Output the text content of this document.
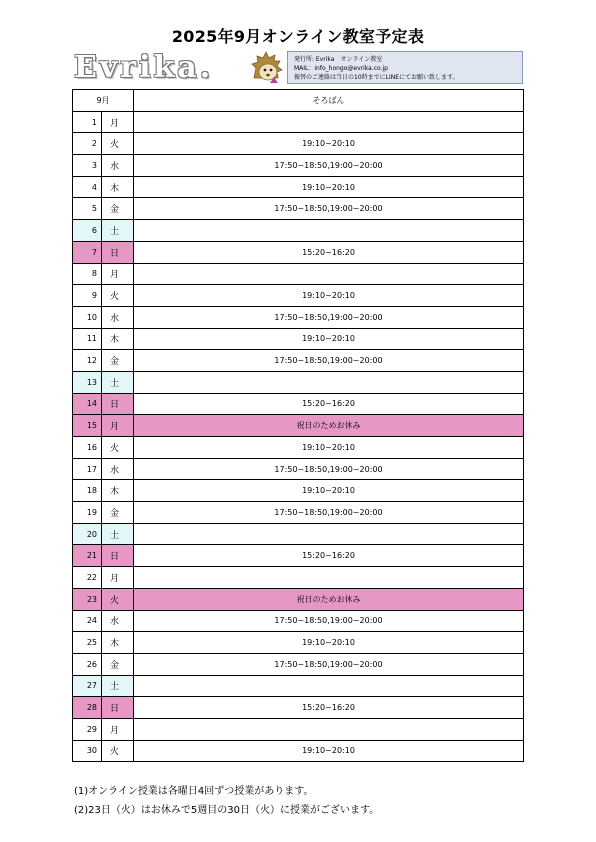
2025年9月オンライン教室予定表
Evrika.	発行所: Evrika　オンライン教室
MAIL：info_hongo@evrika.co.jp
振替のご連絡は当日の10時までにLINEにてお願い致します。
9月		そろばん
1	月	
2	火	19:10~20:10
3	水	17:50~18:50,19:00~20:00
4	木	19:10~20:10
5	金	17:50~18:50,19:00~20:00
6	土	
7	日	15:20~16:20
8	月	
9	火	19:10~20:10
10	水	17:50~18:50,19:00~20:00
11	木	19:10~20:10
12	金	17:50~18:50,19:00~20:00
13	土	
14	日	15:20~16:20
15	月	祝日のためお休み
16	火	19:10~20:10
17	水	17:50~18:50,19:00~20:00
18	木	19:10~20:10
19	金	17:50~18:50,19:00~20:00
20	土	
21	日	15:20~16:20
22	月	
23	火	祝日のためお休み
24	水	17:50~18:50,19:00~20:00
25	木	19:10~20:10
26	金	17:50~18:50,19:00~20:00
27	土	
28	日	15:20~16:20
29	月	
30	火	19:10~20:10
(1)オンライン授業は各曜日4回ずつ授業があります。
(2)23日（火）はお休みで5週目の30日（火）に授業がございます。
